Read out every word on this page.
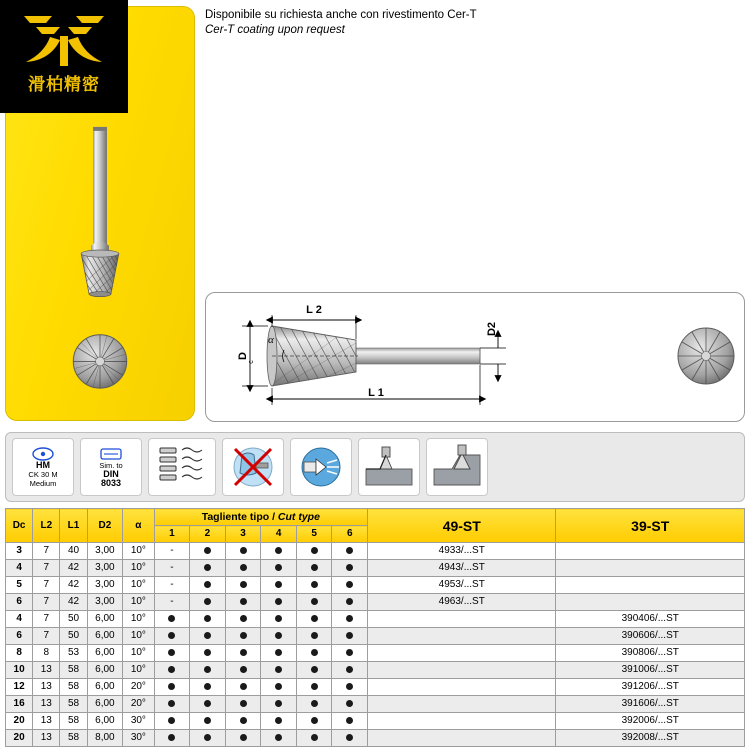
滑柏精密
Disponibile su richiesta anche con rivestimento Cer-T
Cer-T coating upon request
L 2
L 1
D
c
α
D2
HM
CK 30 M
Medium
Sim. to
DIN
8033
Dc	L2	L1	D2	α	Tagliente tipo / Cut type						49-ST	39-ST
					1	2	3	4	5	6		
3	7	40	3,00	10°	-						4933/...ST	
4	7	42	3,00	10°	-						4943/...ST	
5	7	42	3,00	10°	-						4953/...ST	
6	7	42	3,00	10°	-						4963/...ST	
4	7	50	6,00	10°								390406/...ST
6	7	50	6,00	10°								390606/...ST
8	8	53	6,00	10°								390806/...ST
10	13	58	6,00	10°								391006/...ST
12	13	58	6,00	20°								391206/...ST
16	13	58	6,00	20°								391606/...ST
20	13	58	6,00	30°								392006/...ST
20	13	58	8,00	30°								392008/...ST
